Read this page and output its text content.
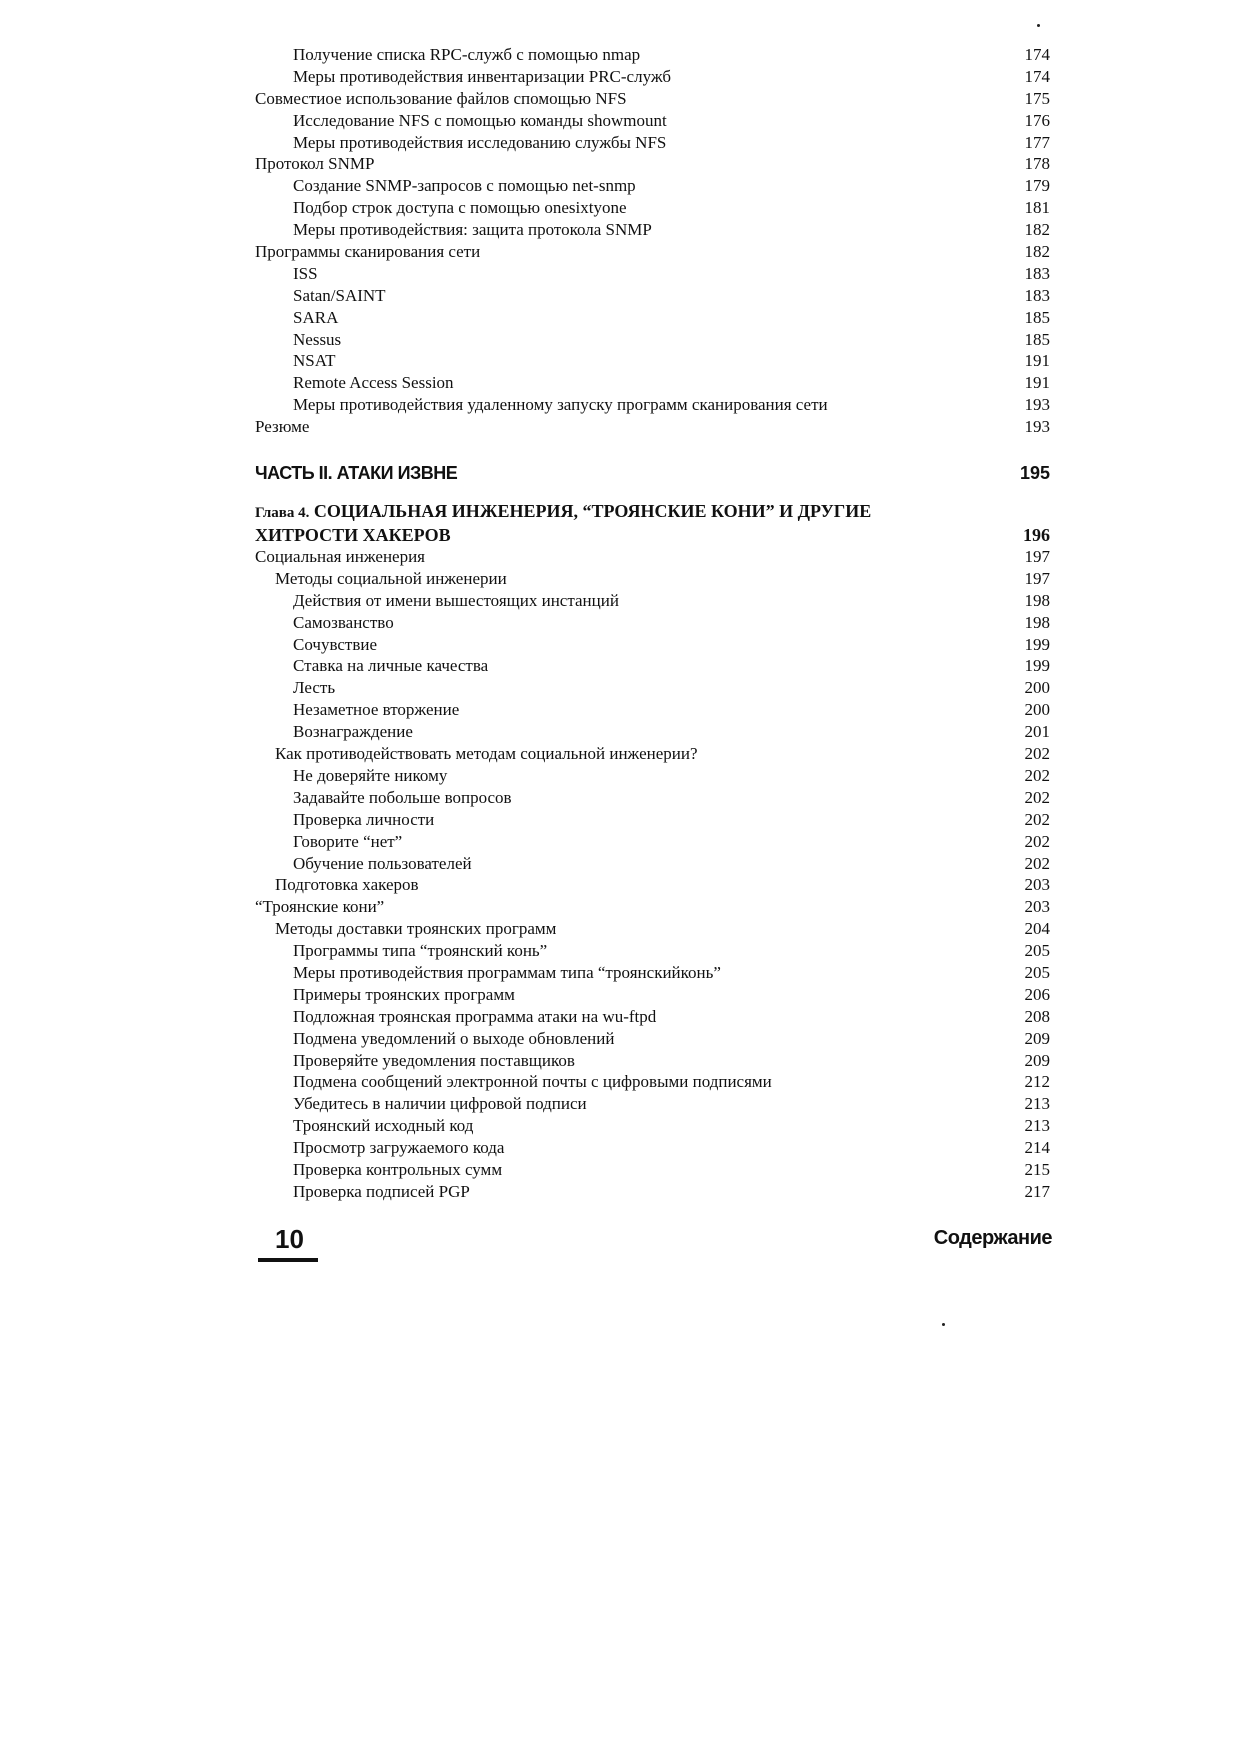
Получение списка RPC-служб с помощью nmap	174
Меры противодействия инвентаризации PRC-служб	174
Совместиое использование файлов спомощью NFS	175
Исследование NFS с помощью команды showmount	176
Меры противодействия исследованию службы NFS	177
Протокол SNMP	178
Создание SNMP-запросов с помощью net-snmp	179
Подбор строк доступа с помощью onesixtyone	181
Меры противодействия: защита протокола SNMP	182
Программы сканирования сети	182
ISS	183
Satan/SAINT	183
SARA	185
Nessus	185
NSAT	191
Remote Access Session	191
Меры противодействия удаленному запуску программ сканирования сети	193
Резюме	193
ЧАСТЬ II. АТАКИ ИЗВНЕ	195
Глава 4. СОЦИАЛЬНАЯ ИНЖЕНЕРИЯ, “ТРОЯНСКИЕ КОНИ” И ДРУГИЕ
ХИТРОСТИ ХАКЕРОВ	196
Социальная инженерия	197
Методы социальной инженерии	197
Действия от имени вышестоящих инстанций	198
Самозванство	198
Сочувствие	199
Ставка на личные качества	199
Лесть	200
Незаметное вторжение	200
Вознаграждение	201
Как противодействовать методам социальной инженерии?	202
Не доверяйте никому	202
Задавайте побольше вопросов	202
Проверка личности	202
Говорите “нет”	202
Обучение пользователей	202
Подготовка хакеров	203
“Троянские кони”	203
Методы доставки троянских программ	204
Программы типа “троянский конь”	205
Меры противодействия программам типа “троянскийконь”	205
Примеры троянских программ	206
Подложная троянская программа атаки на wu-ftpd	208
Подмена уведомлений о выходе обновлений	209
Проверяйте уведомления поставщиков	209
Подмена сообщений электронной почты с цифровыми подписями	212
Убедитесь в наличии цифровой подписи	213
Троянский исходный код	213
Просмотр загружаемого кода	214
Проверка контрольных сумм	215
Проверка подписей PGP	217
10	Содержание
